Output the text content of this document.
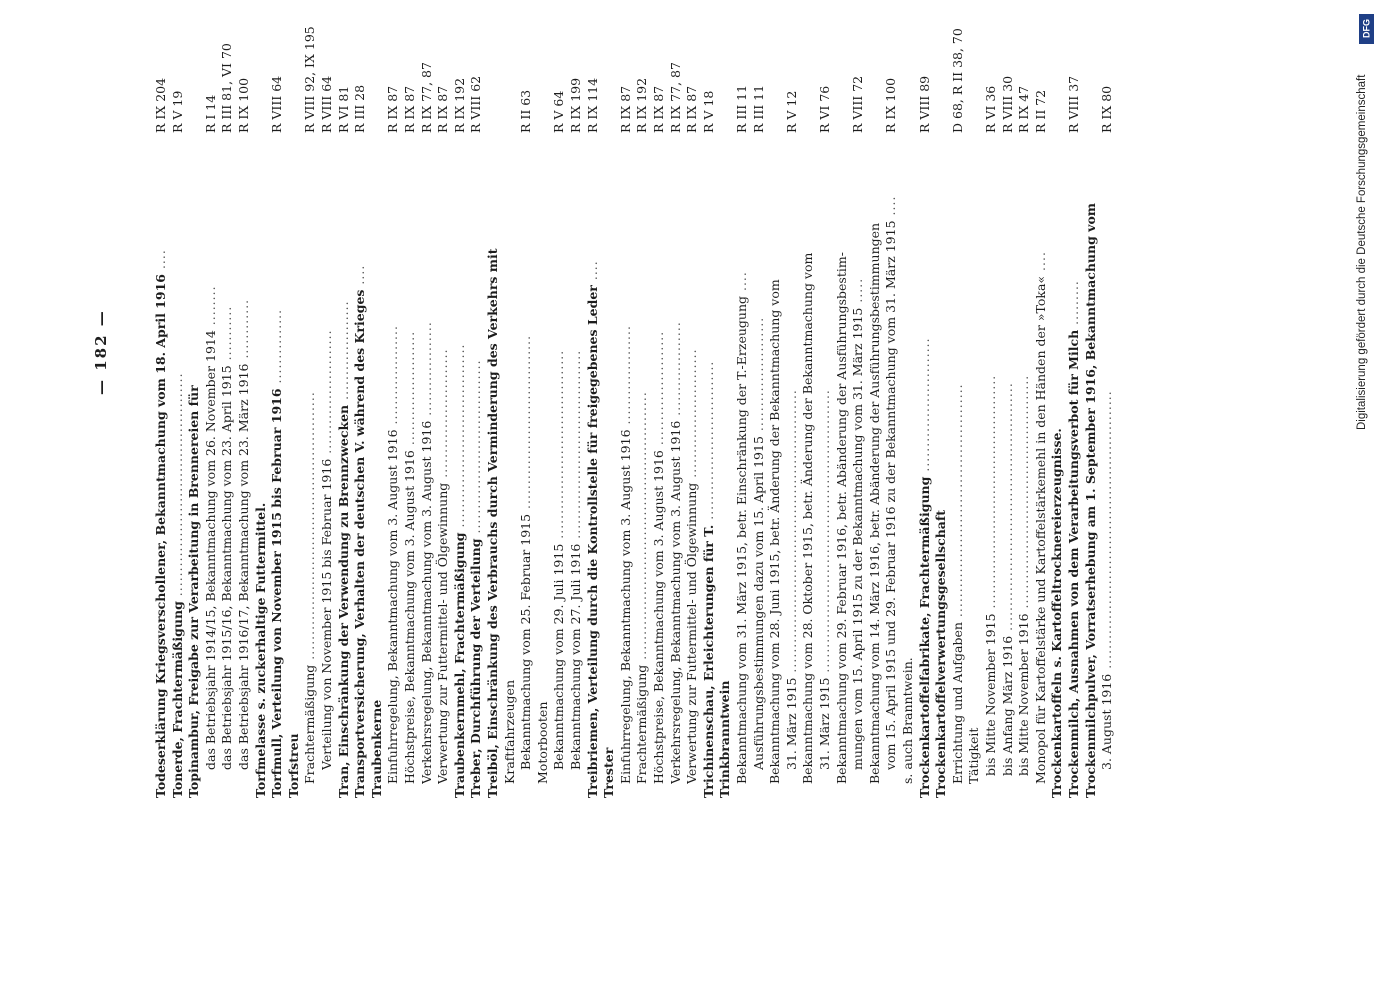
DFG
Digitalisierung gefördert durch die Deutsche Forschungsgemeinschaft
— 182 —	Todeserklärung Kriegsverschollener, Bekanntmachung vom 18. April 1916 ....
R IX 204
Tonerde, Frachtermäßigung .............................................
R V 19
Topinambur, Freigabe zur Verarbeitung in Brennereien für das Betriebsjahr 1914/15, Bekanntmachung vom 26. November 1914 ........
R I 14
das Betriebsjahr 1915/16, Bekanntmachung vom 23. April 1915 ...........
R III 81, VI 70
das Betriebsjahr 1916/17, Bekanntmachung vom 23. März 1916 ............
R IX 100
Torfmelasse s. zuckerhaltige Futtermittel. Torfmull, Verteilung von November 1915 bis Februar 1916 ...............
R VIII 64
Torfstreu Frachtermäßigung ......................................................
R VIII 92, IX 195
Verteilung von November 1915 bis Februar 1916 .........................
R VIII 64
Tran, Einschränkung der Verwendung zu Brennzwecken ....................
R VI 81
Transportversicherung, Verhalten der deutschen V. während des Krieges ....
R III 28
Traubenkerne Einfuhrregelung, Bekanntmachung vom 3. August 1916 ....................
R IX 87
Höchstpreise, Bekanntmachung vom 3. August 1916 .......................
R IX 87
Verkehrsregelung, Bekanntmachung vom 3. August 1916 ...................
R IX 77, 87
Verwertung zur Futtermittel- und Ölgewinnung ..........................
R IX 87
Traubenkernmehl, Frachtermäßigung .....................................
R IX 192
Treber, Durchführung der Verteilung ...................................
R VIII 62
Treiböl, Einschränkung des Verbrauchs durch Verminderung des Verkehrs mit Kraftfahrzeugen Bekanntmachung vom 25. Februar 1915 ...................................
R II 63
Motorbooten Bekanntmachung vom 29. Juli 1915 ......................................
R V 64
Bekanntmachung vom 27. Juli 1916 ......................................
R IX 199
Treibriemen, Verteilung durch die Kontrollstelle für freigegebenes Leder ....
R IX 114
Trester Einfuhrregelung, Bekanntmachung vom 3. August 1916 ....................
R IX 87
Frachtermäßigung ......................................................
R IX 192
Höchstpreise, Bekanntmachung vom 3. August 1916 .......................
R IX 87
Verkehrsregelung, Bekanntmachung vom 3. August 1916 ...................
R IX 77, 87
Verwertung zur Futtermittel- und Ölgewinnung ..........................
R IX 87
Trichinenschau, Erleichterungen für T. ................................
R V 18
Trinkbranntwein Bekanntmachung vom 31. März 1915, betr. Einschränkung der T.-Erzeugung ....
R III 11
Ausführungsbestimmungen dazu vom 15. April 1915 .......................
R III 11
Bekanntmachung vom 28. Juni 1915, betr. Änderung der Bekanntmachung vom 31. März 1915 .........................................................
R V 12
Bekanntmachung vom 28. Oktober 1915, betr. Änderung der Bekanntmachung vom 31. März 1915 .........................................................
R VI 76
Bekanntmachung vom 29. Februar 1916, betr. Abänderung der Ausführungsbestim- mungen vom 15. April 1915 zu der Bekanntmachung vom 31. März 1915 .....
R VIII 72
Bekanntmachung vom 14. März 1916, betr. Abänderung der Ausführungsbestimmungen vom 15. April 1915 und 29. Februar 1916 zu der Bekanntmachung vom 31. März 1915 ....
R IX 100
s. auch Branntwein. Trockenkartoffelfabrikate, Frachtermäßigung ...........................
R VIII 89
Trockenkartoffelverwertungsgesellschaft Errichtung und Aufgaben ...............................................
D 68, R II 38, 70
Tätigkeit bis Mitte November 1915 ...............................................
R VI 36
bis Anfang März 1916 ..................................................
R VIII 30
bis Mitte November 1916 ...............................................
R IX 47
Monopol für Kartoffelstärke und Kartoffelstärkemehl in den Händen der »Toka« ....
R II 72
Trockenkartoffeln s. Kartoffeltrocknereierzeugnisse. Trockenmilch, Ausnahmen von dem Verarbeitungsverbot für Milch .........
R VIII 37
Trockenmilchpulver, Vorratserhebung am 1. September 1916, Bekanntmachung vom 3. August 1916 ........................................................
R IX 80
